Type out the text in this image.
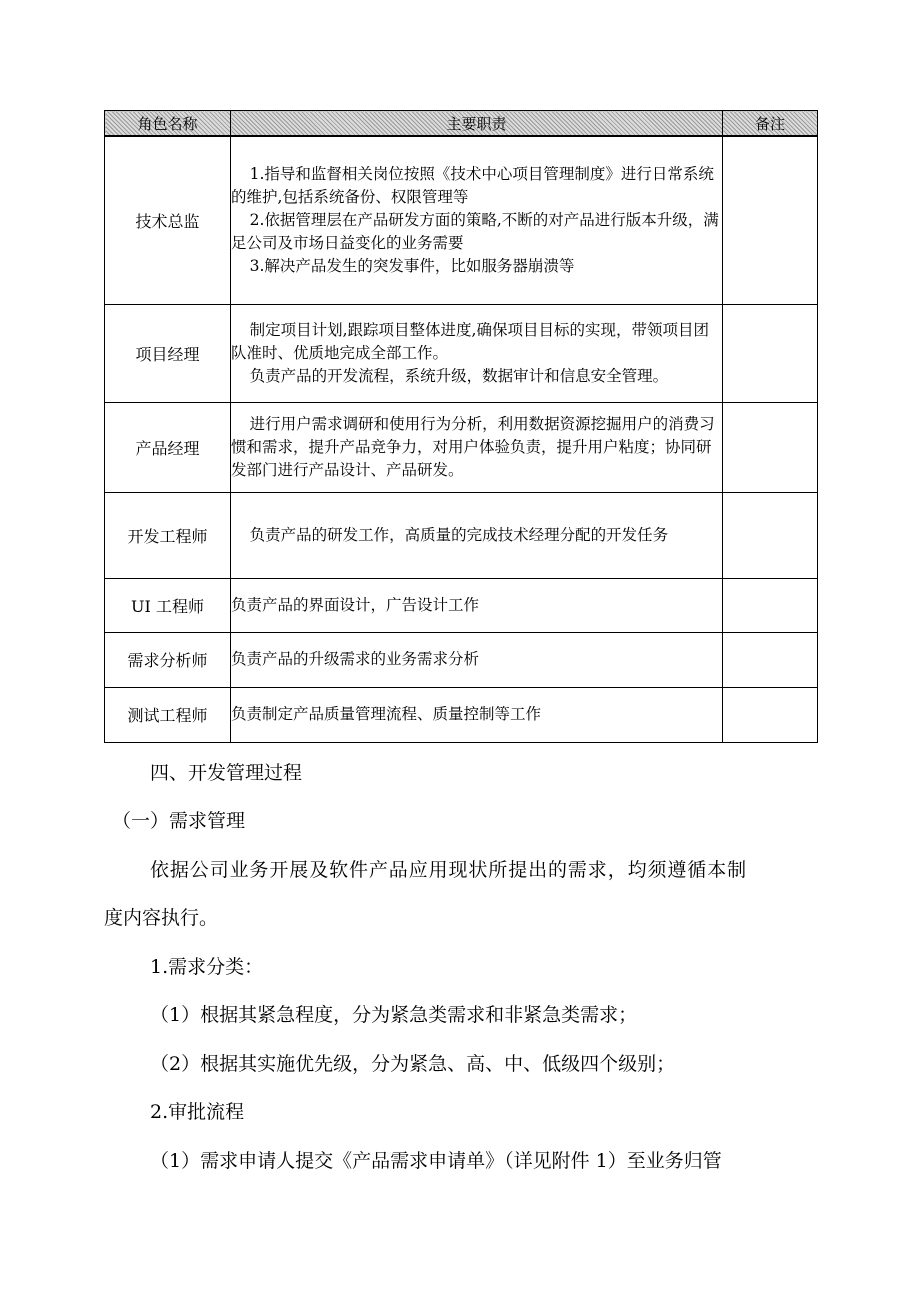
角色名称	主要职责	备注
技术总监	1.指导和监督相关岗位按照《技术中心项目管理制度》进行日常系统的维护,包括系统备份、权限管理等

2.依据管理层在产品研发方面的策略,不断的对产品进行版本升级，满足公司及市场日益变化的业务需要

3.解决产品发生的突发事件，比如服务器崩溃等	

项目经理	制定项目计划,跟踪项目整体进度,确保项目目标的实现，带领项目团队准时、优质地完成全部工作。

负责产品的开发流程，系统升级，数据审计和信息安全管理。	

产品经理	进行用户需求调研和使用行为分析，利用数据资源挖掘用户的消费习惯和需求，提升产品竞争力，对用户体验负责，提升用户粘度；协同研发部门进行产品设计、产品研发。	

开发工程师	负责产品的研发工作，高质量的完成技术经理分配的开发任务	

UI 工程师	负责产品的界面设计，广告设计工作	

需求分析师	负责产品的升级需求的业务需求分析	

测试工程师	负责制定产品质量管理流程、质量控制等工作	

四、开发管理过程
（一）需求管理
依据公司业务开展及软件产品应用现状所提出的需求，均须遵循本制
度内容执行。
1.需求分类：
（1）根据其紧急程度，分为紧急类需求和非紧急类需求；
（2）根据其实施优先级，分为紧急、高、中、低级四个级别；
2.审批流程
（1）需求申请人提交《产品需求申请单》（详见附件 1）至业务归管
